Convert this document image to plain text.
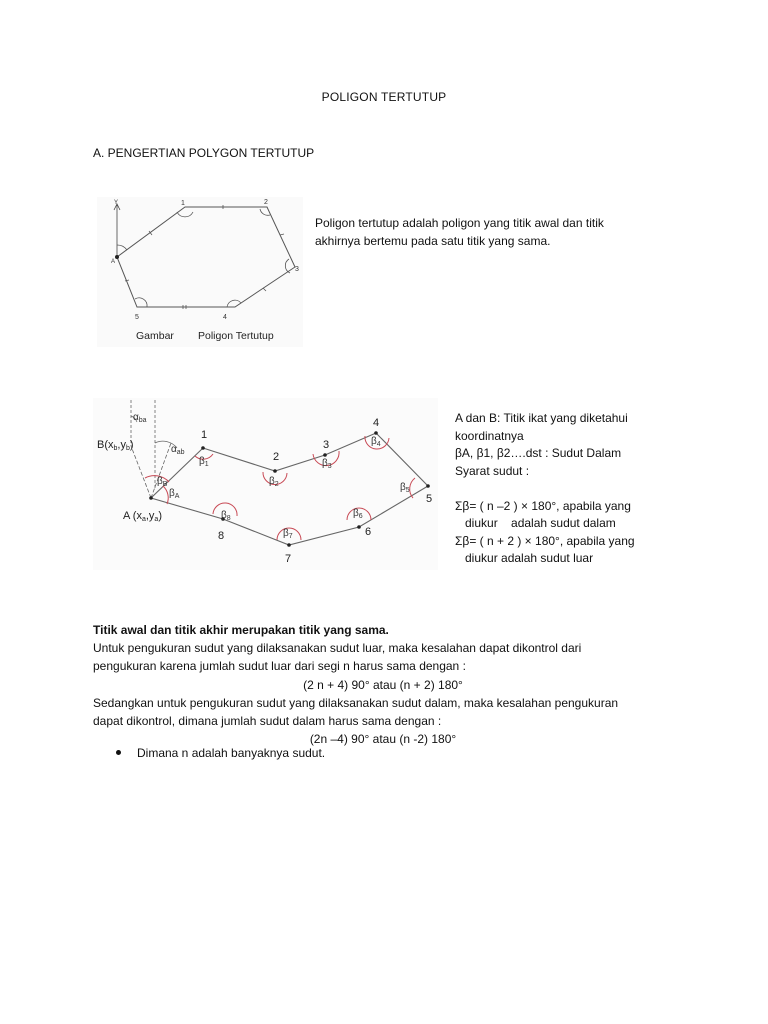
POLIGON TERTUTUP
A. PENGERTIAN POLYGON TERTUTUP
Y
A
1	2
3
4
5
Gambar Poligon Tertutup
Poligon tertutup adalah poligon yang titik awal dan titik
akhirnya bertemu pada satu titik yang sama.
$\alpha_{ba}$
$\alpha_{ab}$
B(xb,yb)
A (xa,ya)
$\beta_B$
$\beta_A$
$\beta_1$
$\beta_2$
$\beta_3$
$\beta_4$
$\beta_5$
$\beta_6$
$\beta_7$
$\beta_8$
1
2
3
4
5
6
7
8
A dan B: Titik ikat yang diketahui
koordinatnya
βA, β1, β2….dst : Sudut Dalam
Syarat sudut :
Σβ= ( n –2 ) × 180°, apabila yang
diukur    adalah sudut dalam
Σβ= ( n + 2 ) × 180°, apabila yang
diukur adalah sudut luar
Titik awal dan titik akhir merupakan titik yang sama.
Untuk pengukuran sudut yang dilaksanakan sudut luar, maka kesalahan dapat dikontrol dari
pengukuran karena jumlah sudut luar dari segi n harus sama dengan :
(2 n + 4) 90° atau (n + 2) 180°
Sedangkan untuk pengukuran sudut yang dilaksanakan sudut dalam, maka kesalahan pengukuran
dapat dikontrol, dimana jumlah sudut dalam harus sama dengan :
(2n –4) 90° atau (n -2) 180°
Dimana n adalah banyaknya sudut.
